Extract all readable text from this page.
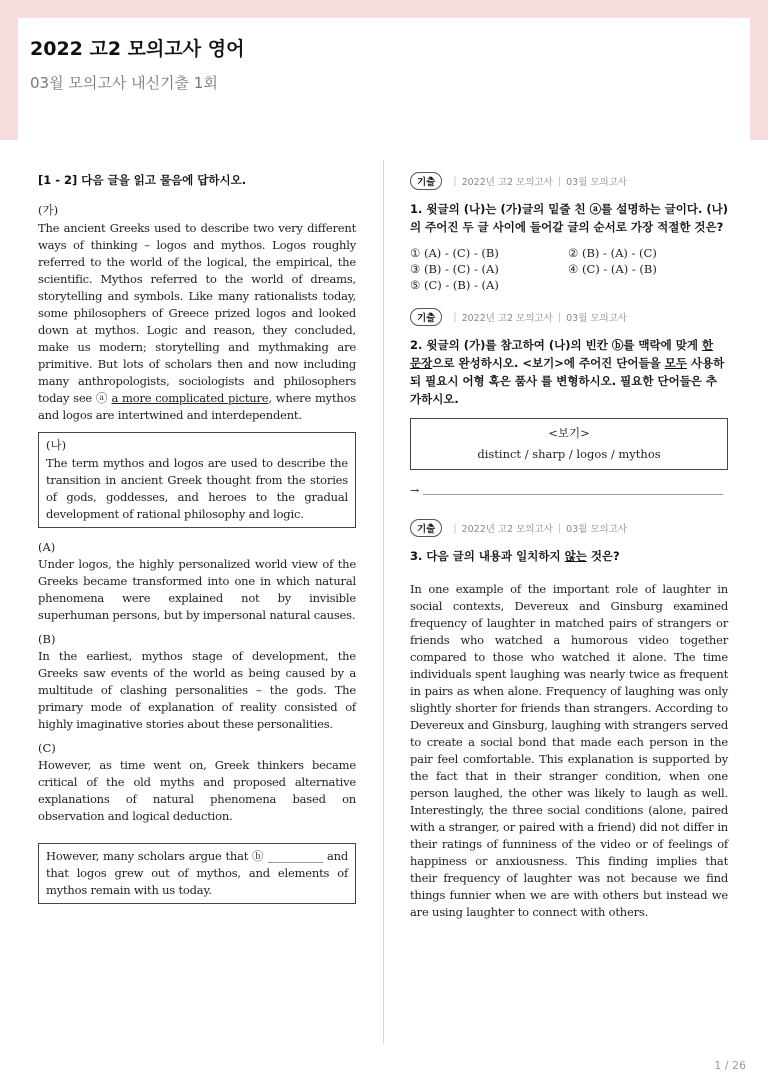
2022 고2 모의고사 영어
03월 모의고사 내신기출 1회
[1 - 2] 다음 글을 읽고 물음에 답하시오.
(가)

The ancient Greeks used to describe two very different ways of thinking – logos and mythos. Logos roughly referred to the world of the logical, the empirical, the scientific. Mythos referred to the world of dreams, storytelling and symbols. Like many rationalists today, some philosophers of Greece prized logos and looked down at mythos. Logic and reason, they concluded, make us modern; storytelling and mythmaking are primitive. But lots of scholars then and now including many anthropologists, sociologists and philosophers today see ⓐ a more complicated picture, where mythos and logos are intertwined and interdependent.

(나)

The term mythos and logos are used to describe the transition in ancient Greek thought from the stories of gods, goddesses, and heroes to the gradual development of rational philosophy and logic.

(A)

Under logos, the highly personalized world view of the Greeks became transformed into one in which natural phenomena were explained not by invisible superhuman persons, but by impersonal natural causes.

(B)

In the earliest, mythos stage of development, the Greeks saw events of the world as being caused by a multitude of clashing personalities – the gods. The primary mode of explanation of reality consisted of highly imaginative stories about these personalities.

(C)

However, as time went on, Greek thinkers became critical of the old myths and proposed alternative explanations of natural phenomena based on observation and logical deduction.

However, many scholars argue that ⓑ __________ and that logos grew out of mythos, and elements of mythos remain with us today.

기출	| 2022년 고2 모의고사 | 03월 모의고사
1. 윗글의 (나)는 (가)글의 밑줄 친 ⓐ를 설명하는 글이다. (나)의 주어진 두 글 사이에 들어갈 글의 순서로 가장 적절한 것은?
① (A) - (C) - (B)	② (B) - (A) - (C)
③ (B) - (C) - (A)	④ (C) - (A) - (B)
⑤ (C) - (B) - (A)
기출	| 2022년 고2 모의고사 | 03월 모의고사
2. 윗글의 (가)를 참고하여 (나)의 빈칸 ⓑ를 맥락에 맞게 한 문장으로 완성하시오. <보기>에 주어진 단어들을 모두 사용하되 필요시 어형 혹은 품사 를 변형하시오. 필요한 단어들은 추가하시오.
<보기>
distinct / sharp / logos / mythos
→
기출	| 2022년 고2 모의고사 | 03월 모의고사
3. 다음 글의 내용과 일치하지 않는 것은?

In one example of the important role of laughter in social contexts, Devereux and Ginsburg examined frequency of laughter in matched pairs of strangers or friends who watched a humorous video together compared to those who watched it alone. The time individuals spent laughing was nearly twice as frequent in pairs as when alone. Frequency of laughing was only slightly shorter for friends than strangers. According to Devereux and Ginsburg, laughing with strangers served to create a social bond that made each person in the pair feel comfortable. This explanation is supported by the fact that in their stranger condition, when one person laughed, the other was likely to laugh as well. Interestingly, the three social conditions (alone, paired with a stranger, or paired with a friend) did not differ in their ratings of funniness of the video or of feelings of happiness or anxiousness. This finding implies that their frequency of laughter was not because we find things funnier when we are with others but instead we are using laughter to connect with others.

1 / 26
